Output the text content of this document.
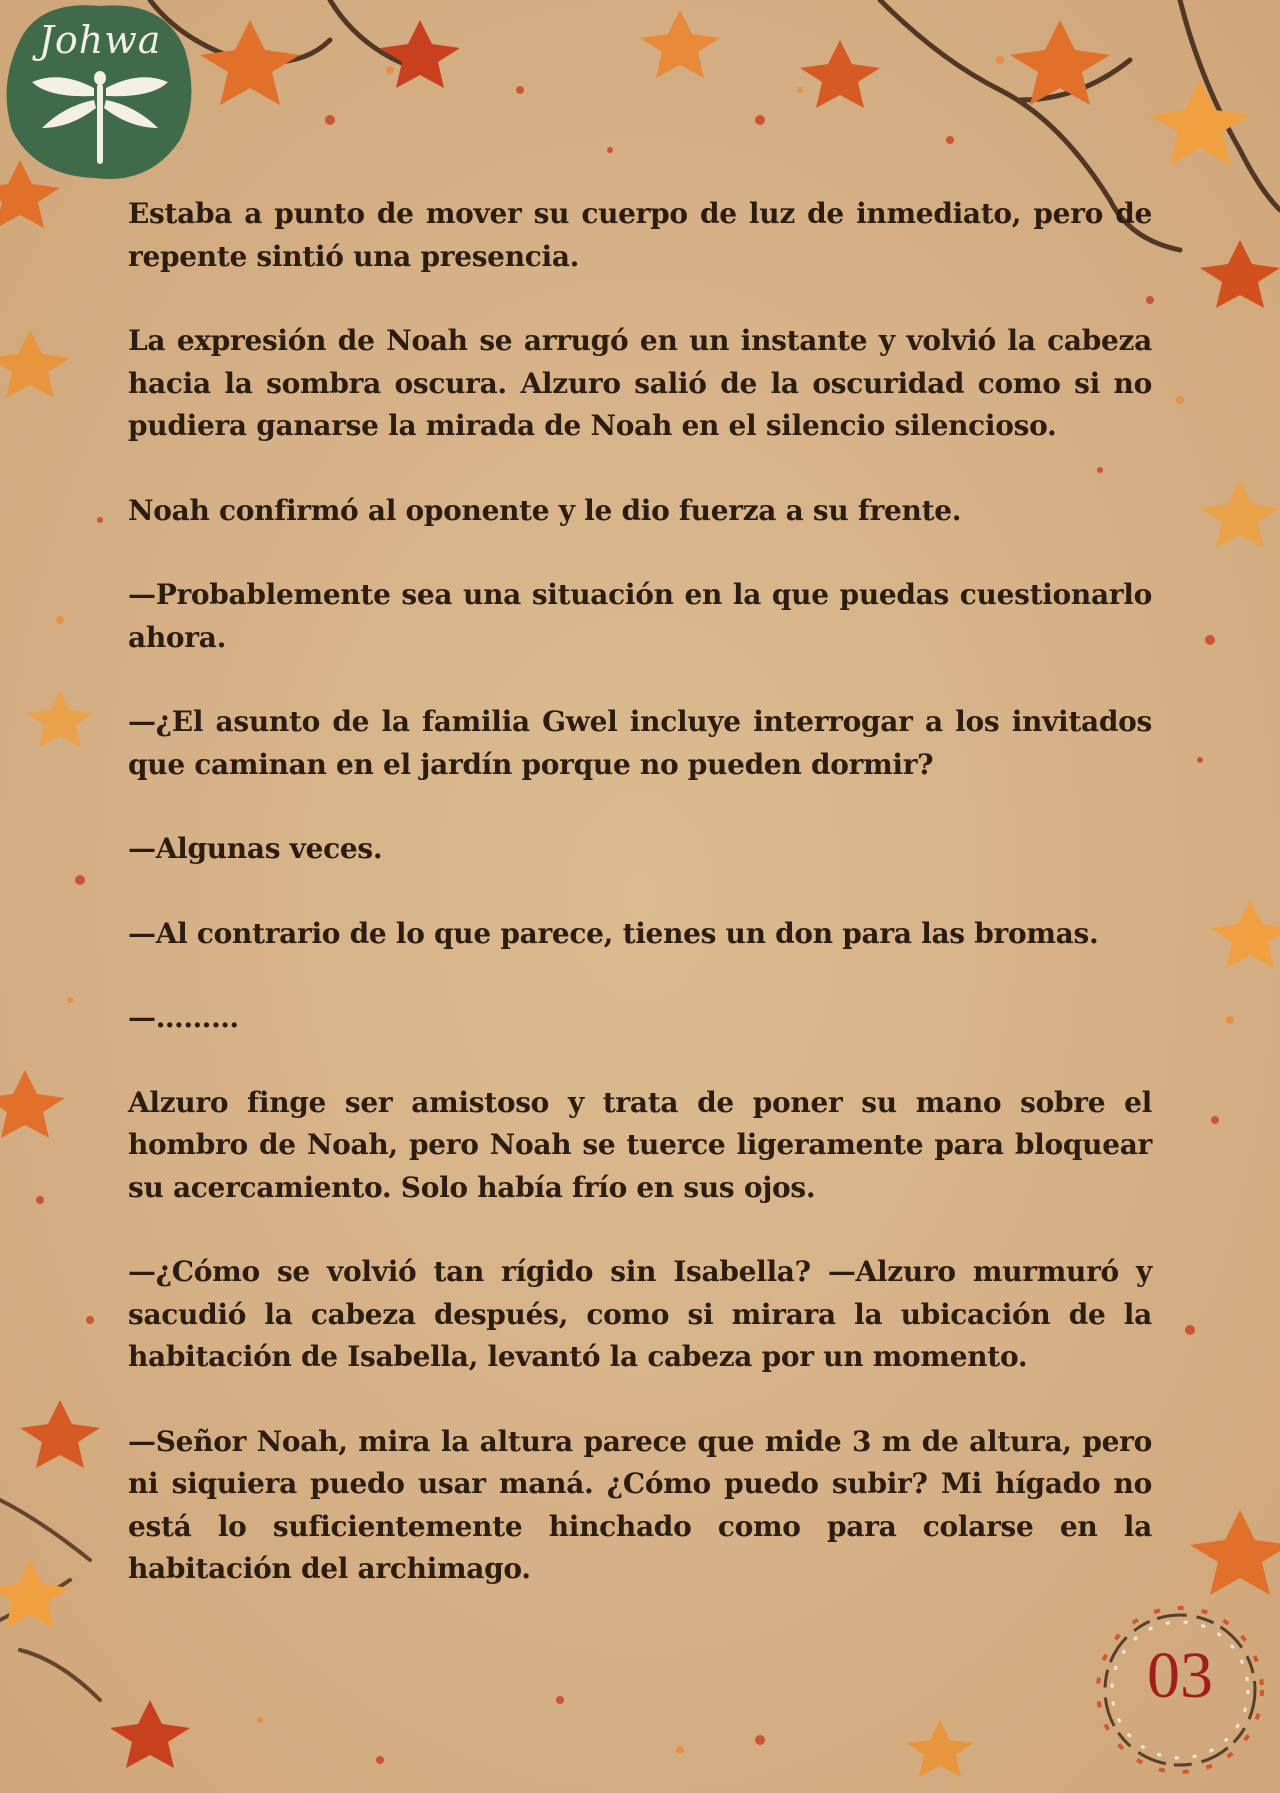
Johwa

Estaba a punto de mover su cuerpo de luz de inmediato, pero de repente sintió una presencia.

La expresión de Noah se arrugó en un instante y volvió la cabeza hacia la sombra oscura. Alzuro salió de la oscuridad como si no pudiera ganarse la mirada de Noah en el silencio silencioso.

Noah confirmó al oponente y le dio fuerza a su frente.

—Probablemente sea una situación en la que puedas cuestionarlo ahora.

—¿El asunto de la familia Gwel incluye interrogar a los invitados que caminan en el jardín porque no pueden dormir?

—Algunas veces.

—Al contrario de lo que parece, tienes un don para las bromas.

—………

Alzuro finge ser amistoso y trata de poner su mano sobre el hombro de Noah, pero Noah se tuerce ligeramente para bloquear su acercamiento. Solo había frío en sus ojos.

—¿Cómo se volvió tan rígido sin Isabella? —Alzuro murmuró y sacudió la cabeza después, como si mirara la ubicación de la habitación de Isabella, levantó la cabeza por un momento.

—Señor Noah, mira la altura parece que mide 3 m de altura, pero ni siquiera puedo usar maná. ¿Cómo puedo subir? Mi hígado no está lo suficientemente hinchado como para colarse en la habitación del archimago.

03
